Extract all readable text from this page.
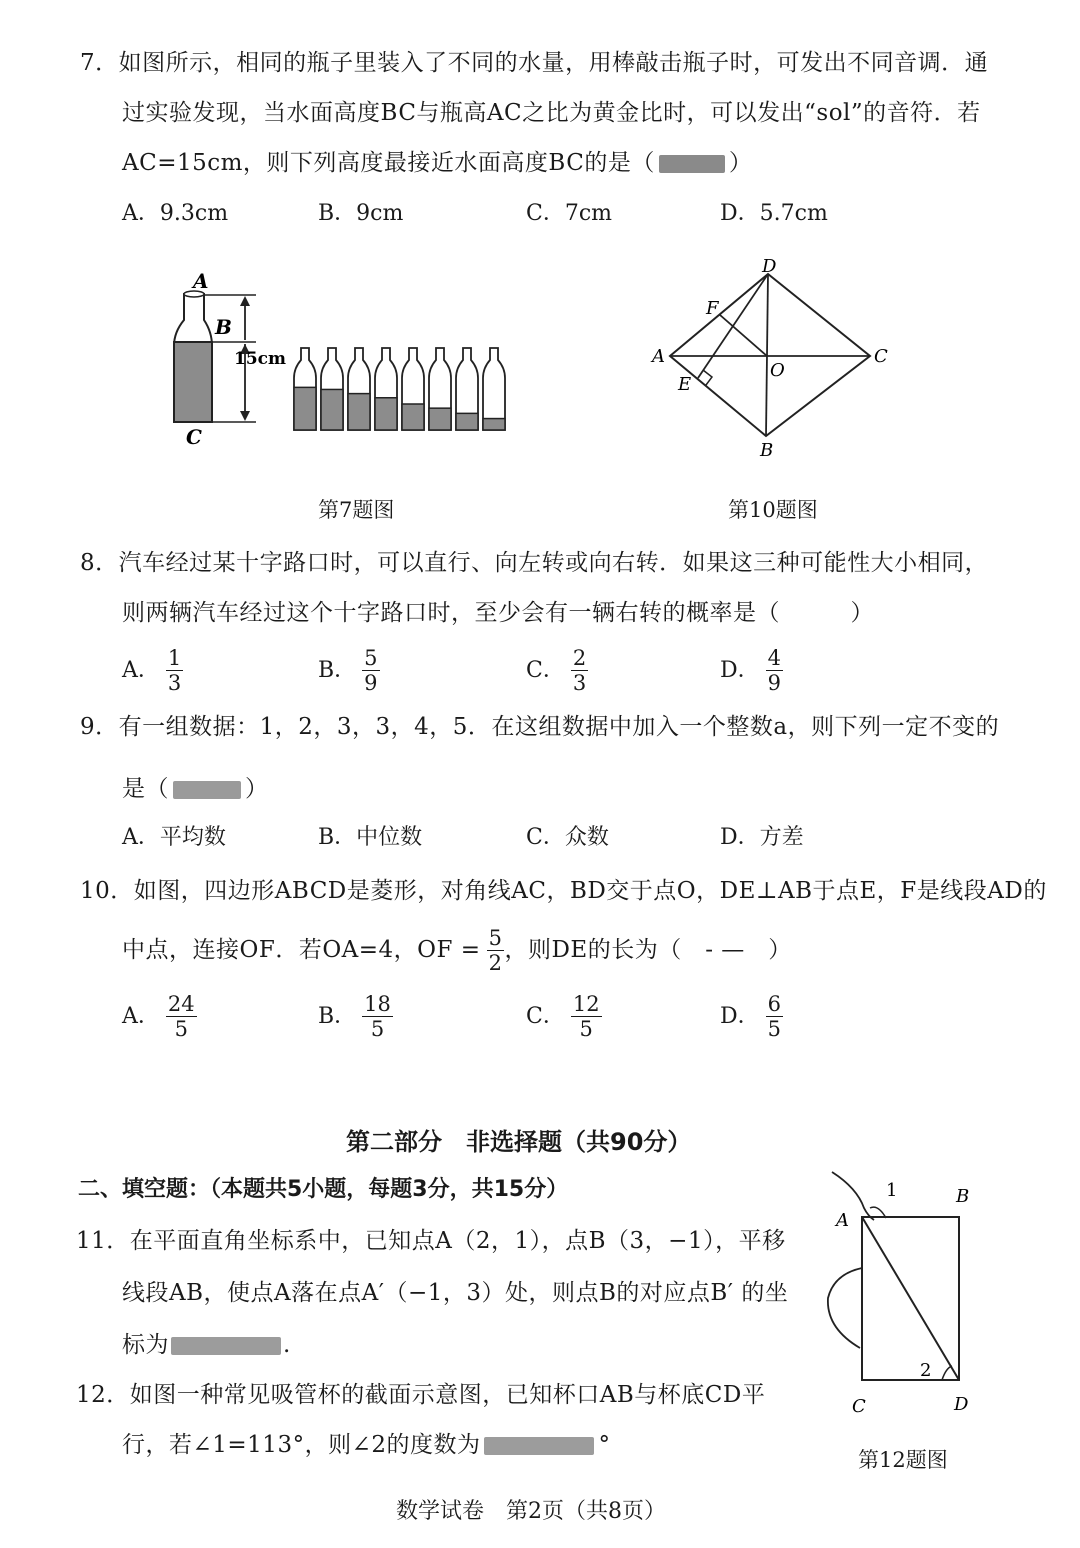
7．如图所示，相同的瓶子里装入了不同的水量，用棒敲击瓶子时，可发出不同音调．通
过实验发现，当水面高度BC与瓶高AC之比为黄金比时，可以发出“sol”的音符．若
AC=15cm，则下列高度最接近水面高度BC的是（	）
A．9.3cm	B．9cm	C．7cm	D．5.7cm
A
B
C
15cm
第7题图
D
F
A
O
C
E
B
第10题图
8．汽车经过某十字路口时，可以直行、向左转或向右转．如果这三种可能性大小相同，
则两辆汽车经过这个十字路口时，至少会有一辆右转的概率是（　　　）
A． $\frac{1}{3}$	B． $\frac{5}{9}$	C． $\frac{2}{3}$	D． $\frac{4}{9}$
9．有一组数据：1，2，3，3，4，5．在这组数据中加入一个整数a，则下列一定不变的
是（	）
A．平均数	B．中位数	C．众数	D．方差
10．如图，四边形ABCD是菱形，对角线AC，BD交于点O，DE⊥AB于点E，F是线段AD的
中点，连接OF．若OA=4，OF = $\frac{5}{2}$ ，则DE的长为（　- —　）
A． $\frac{24}{5}$	B． $\frac{18}{5}$	C． $\frac{12}{5}$	D． $\frac{6}{5}$
第二部分　非选择题（共90分）
二、填空题：（本题共5小题，每题3分，共15分）
11．在平面直角坐标系中，已知点A（2，1），点B（3，−1），平移
线段AB，使点A落在点A′（−1，3）处，则点B的对应点B′ 的坐
标为	.
12．如图一种常见吸管杯的截面示意图，已知杯口AB与杯底CD平
行，若∠1=113°，则∠2的度数为	°
1	B
A
2
C	D
第12题图
数学试卷　第2页（共8页）
